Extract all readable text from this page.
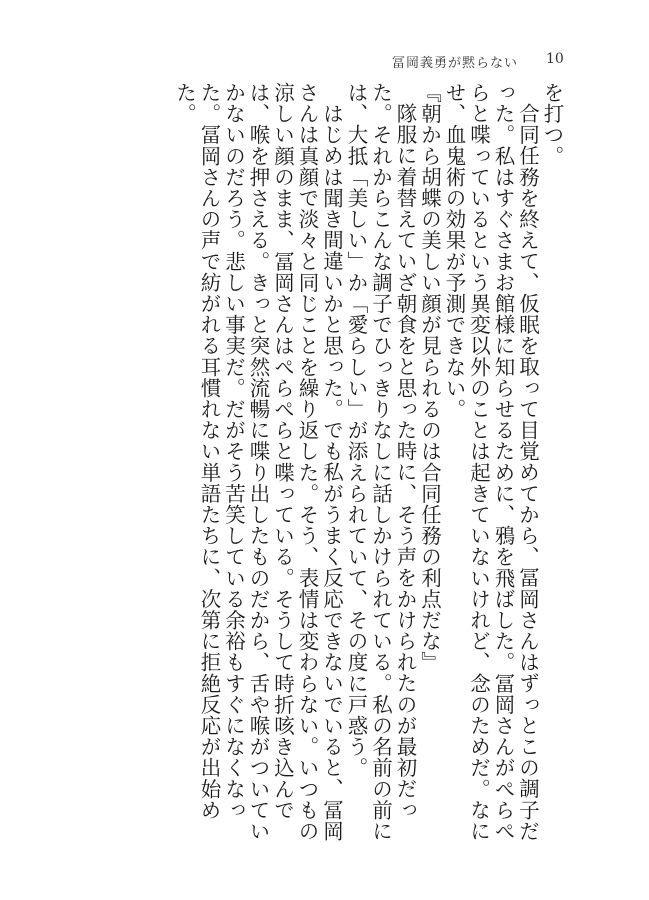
冨岡義勇が黙らない 10

を打つ。

合同任務を終えて、仮眠を取って目覚めてから、冨岡さんはずっとこの調子だった。私はすぐさまお館様に知らせるために、鴉を飛ばした。冨岡さんがぺらぺらと喋っているという異変以外のことは起きていないけれど、念のためだ。なにせ、血鬼術の効果が予測できない。

『朝から胡蝶の美しい顔が見られるのは合同任務の利点だな』

隊服に着替えていざ朝食をと思った時に、そう声をかけられたのが最初だった。それからこんな調子でひっきりなしに話しかけられている。私の名前の前には、大抵「美しい」か「愛らしい」が添えられていて、その度に戸惑う。

はじめは聞き間違いかと思った。でも私がうまく反応できないでいると、冨岡さんは真顔で淡々と同じことを繰り返した。そう、表情は変わらない。いつもの涼しい顔のまま、冨岡さんはぺらぺらと喋っている。そうして時折咳き込んでは、喉を押さえる。きっと突然流暢に喋り出したものだから、舌や喉がついていかないのだろう。悲しい事実だ。だがそう苦笑している余裕もすぐになくなった。冨岡さんの声で紡がれる耳慣れない単語たちに、次第に拒絶反応が出始めた。
